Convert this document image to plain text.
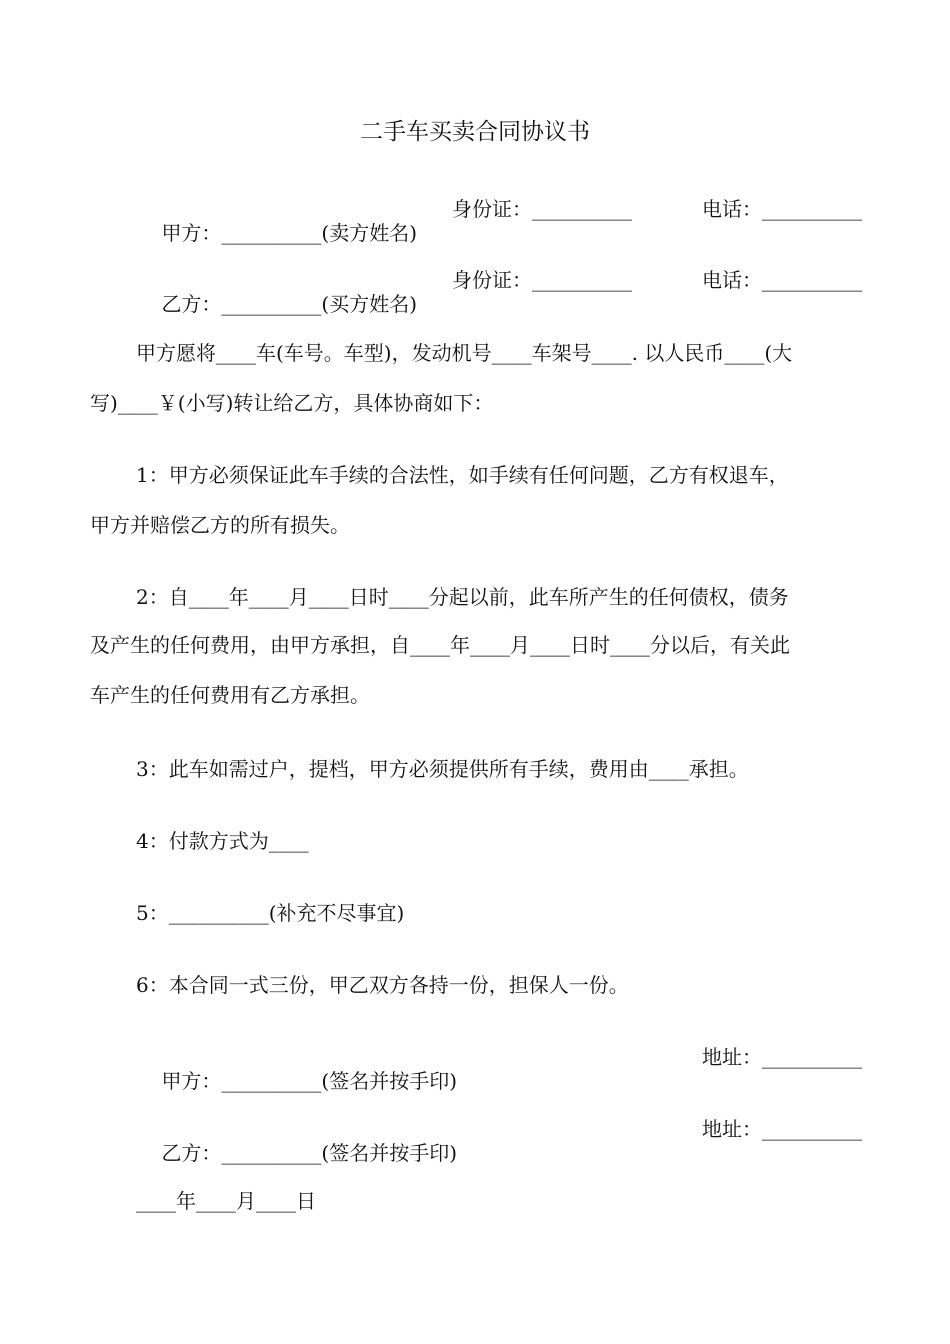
二手车买卖合同协议书

甲方：__________(卖方姓名)

身份证：__________

	电话：__________

乙方：__________(买方姓名)

身份证：__________

	电话：__________

甲方愿将____车(车号。车型)，发动机号____车架号____. 以人民币____(大
写)____￥(小写)转让给乙方，具体协商如下：
1：甲方必须保证此车手续的合法性，如手续有任何问题，乙方有权退车，
甲方并赔偿乙方的所有损失。
2：自____年____月____日时____分起以前，此车所产生的任何债权，债务
及产生的任何费用，由甲方承担，自____年____月____日时____分以后，有关此
车产生的任何费用有乙方承担。
3：此车如需过户，提档，甲方必须提供所有手续，费用由____承担。
4：付款方式为____
5：__________(补充不尽事宜)
6：本合同一式三份，甲乙双方各持一份，担保人一份。

甲方：__________(签名并按手印)

地址：__________

乙方：__________(签名并按手印)

地址：__________

____年____月____日
